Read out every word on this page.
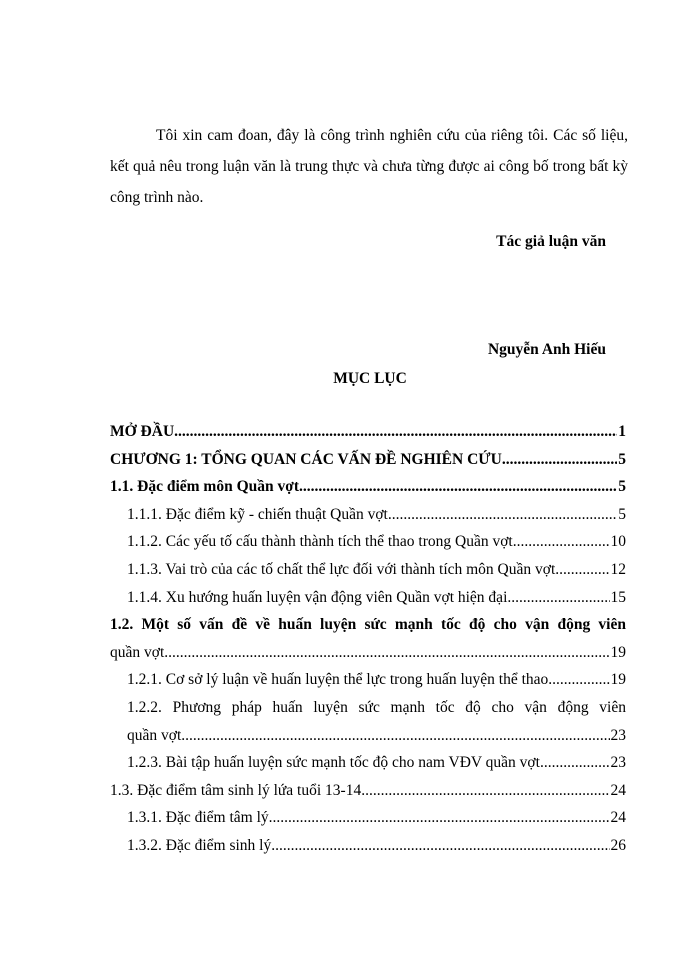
Tôi xin cam đoan, đây là công trình nghiên cứu của riêng tôi. Các số liệu, kết quả nêu trong luận văn là trung thực và chưa từng được ai công bố trong bất kỳ công trình nào.

Tác giả luận văn

Nguyễn Anh Hiếu

MỤC LỤC

MỞ ĐẦU .....	1
CHƯƠNG 1: TỔNG QUAN CÁC VẤN ĐỀ NGHIÊN CỨU .....	5
1.1. Đặc điểm môn Quần vợt .....	5
1.1.1. Đặc điểm kỹ - chiến thuật Quần vợt .....	5
1.1.2. Các yếu tố cấu thành thành tích thể thao trong Quần vợt .....	10
1.1.3. Vai trò của các tố chất thể lực đối với thành tích môn Quần vợt .....	12
1.1.4. Xu hướng huấn luyện vận động viên Quần vợt hiện đại .....	15
1.2. Một số vấn đề về huấn luyện sức mạnh tốc độ cho vận động viên
quần vợt .....	19
1.2.1. Cơ sở lý luận về huấn luyện thể lực trong huấn luyện thể thao .....	19
1.2.2. Phương pháp huấn luyện sức mạnh tốc độ cho vận động viên
quần vợt .....	23
1.2.3. Bài tập huấn luyện sức mạnh tốc độ cho nam VĐV quần vợt .....	23
1.3. Đặc điểm tâm sinh lý lứa tuổi 13-14 .....	24
1.3.1. Đặc điểm tâm lý .....	24
1.3.2. Đặc điểm sinh lý .....	26
